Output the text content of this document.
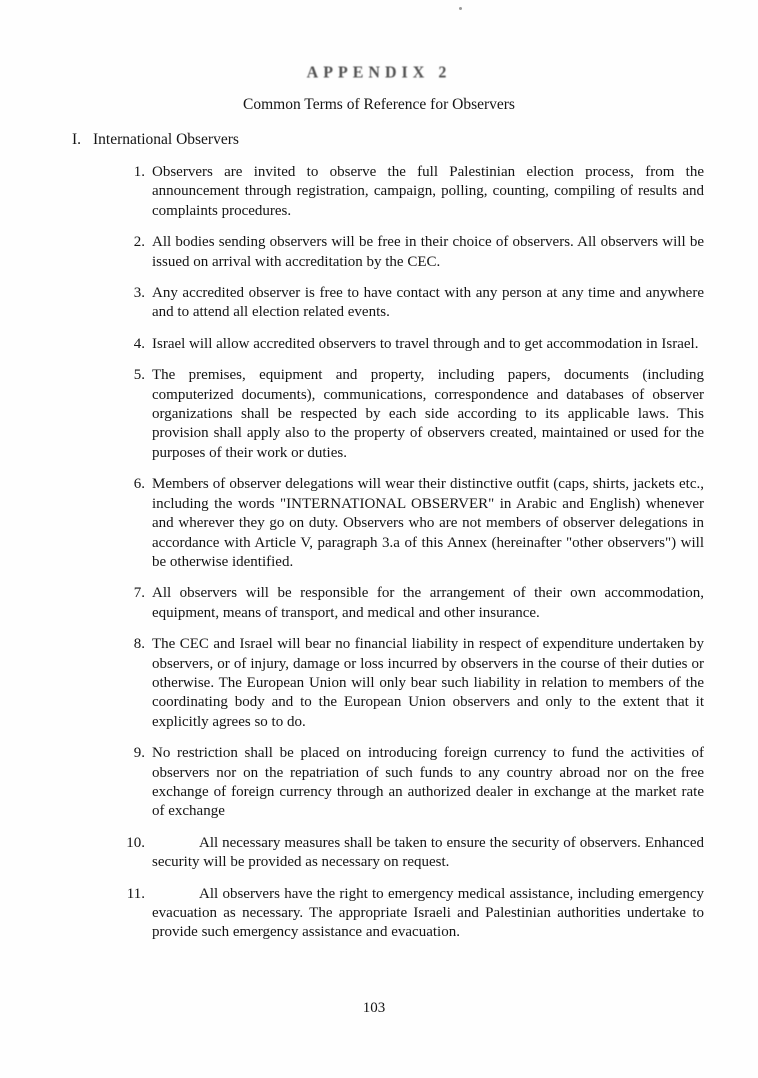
APPENDIX 2
Common Terms of Reference for Observers
I. International Observers
1. Observers are invited to observe the full Palestinian election process, from the announcement through registration, campaign, polling, counting, compiling of results and complaints procedures.
2. All bodies sending observers will be free in their choice of observers. All observers will be issued on arrival with accreditation by the CEC.
3. Any accredited observer is free to have contact with any person at any time and anywhere and to attend all election related events.
4. Israel will allow accredited observers to travel through and to get accommodation in Israel.
5. The premises, equipment and property, including papers, documents (including computerized documents), communications, correspondence and databases of observer organizations shall be respected by each side according to its applicable laws. This provision shall apply also to the property of observers created, maintained or used for the purposes of their work or duties.
6. Members of observer delegations will wear their distinctive outfit (caps, shirts, jackets etc., including the words "INTERNATIONAL OBSERVER" in Arabic and English) whenever and wherever they go on duty. Observers who are not members of observer delegations in accordance with Article V, paragraph 3.a of this Annex (hereinafter "other observers") will be otherwise identified.
7. All observers will be responsible for the arrangement of their own accommodation, equipment, means of transport, and medical and other insurance.
8. The CEC and Israel will bear no financial liability in respect of expenditure undertaken by observers, or of injury, damage or loss incurred by observers in the course of their duties or otherwise. The European Union will only bear such liability in relation to members of the coordinating body and to the European Union observers and only to the extent that it explicitly agrees so to do.
9. No restriction shall be placed on introducing foreign currency to fund the activities of observers nor on the repatriation of such funds to any country abroad nor on the free exchange of foreign currency through an authorized dealer in exchange at the market rate of exchange
10.	All necessary measures shall be taken to ensure the security of observers. Enhanced security will be provided as necessary on request.
11.	All observers have the right to emergency medical assistance, including emergency evacuation as necessary. The appropriate Israeli and Palestinian authorities undertake to provide such emergency assistance and evacuation.
103
